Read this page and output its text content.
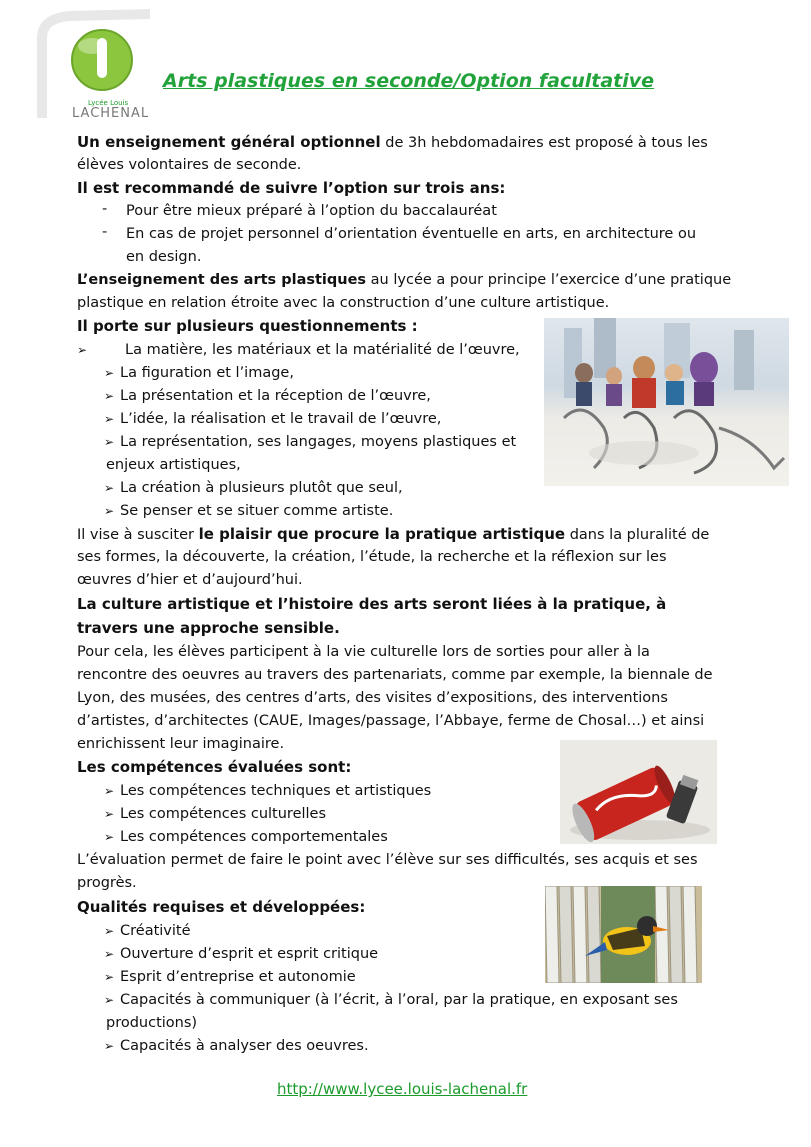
Lycée Louis
LACHENAL
Arts plastiques en seconde/Option facultative
Un enseignement général optionnel de 3h hebdomadaires est proposé à tous les
élèves volontaires de seconde.
Il est recommandé de suivre l’option sur trois ans:
- Pour être mieux préparé à l’option du baccalauréat
- En cas de projet personnel d’orientation éventuelle en arts, en architecture ou
en design.
L’enseignement des arts plastiques au lycée a pour principe l’exercice d’une pratique
plastique en relation étroite avec la construction d’une culture artistique.
Il porte sur plusieurs questionnements :
➢	La matière, les matériaux et la matérialité de l’œuvre,
➢ La figuration et l’image,
➢ La présentation et la réception de l’œuvre,
➢ L’idée, la réalisation et le travail de l’œuvre,
➢ La représentation, ses langages, moyens plastiques et
enjeux artistiques,
➢ La création à plusieurs plutôt que seul,
➢ Se penser et se situer comme artiste.
Il vise à susciter le plaisir que procure la pratique artistique dans la pluralité de
ses formes, la découverte, la création, l’étude, la recherche et la réflexion sur les
œuvres d’hier et d’aujourd’hui.
La culture artistique et l’histoire des arts seront liées à la pratique, à
travers une approche sensible.
Pour cela, les élèves participent à la vie culturelle lors de sorties pour aller à la
rencontre des oeuvres au travers des partenariats, comme par exemple, la biennale de
Lyon, des musées, des centres d’arts, des visites d’expositions, des interventions
d’artistes, d’architectes (CAUE, Images/passage, l’Abbaye, ferme de Chosal…) et ainsi
enrichissent leur imaginaire.
Les compétences évaluées sont:
➢ Les compétences techniques et artistiques
➢ Les compétences culturelles
➢ Les compétences comportementales
L’évaluation permet de faire le point avec l’élève sur ses difficultés, ses acquis et ses
progrès.
Qualités requises et développées:
➢ Créativité
➢ Ouverture d’esprit et esprit critique
➢ Esprit d’entreprise et autonomie
➢ Capacités à communiquer (à l’écrit, à l’oral, par la pratique, en exposant ses
productions)
➢ Capacités à analyser des oeuvres.
http://www.lycee.louis-lachenal.fr
